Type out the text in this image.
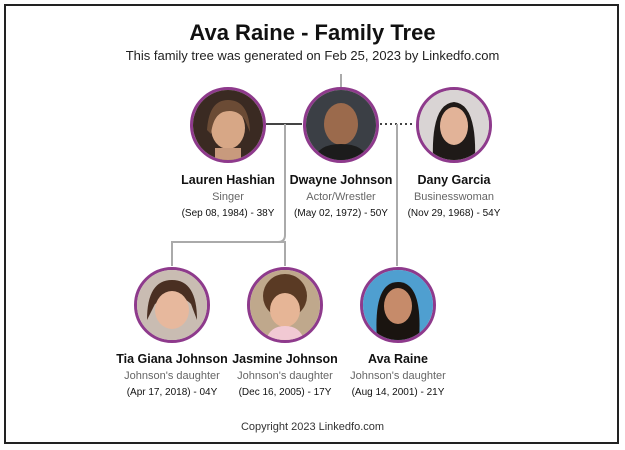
Ava Raine - Family Tree
This family tree was generated on Feb 25, 2023 by Linkedfo.com
Lauren Hashian
Singer
(Sep 08, 1984) - 38Y
Dwayne Johnson
Actor/Wrestler
(May 02, 1972) - 50Y
Dany Garcia
Businesswoman
(Nov 29, 1968) - 54Y
Tia Giana Johnson
Johnson's daughter
(Apr 17, 2018) - 04Y
Jasmine Johnson
Johnson's daughter
(Dec 16, 2005) - 17Y
Ava Raine
Johnson's daughter
(Aug 14, 2001) - 21Y
Copyright 2023 Linkedfo.com
